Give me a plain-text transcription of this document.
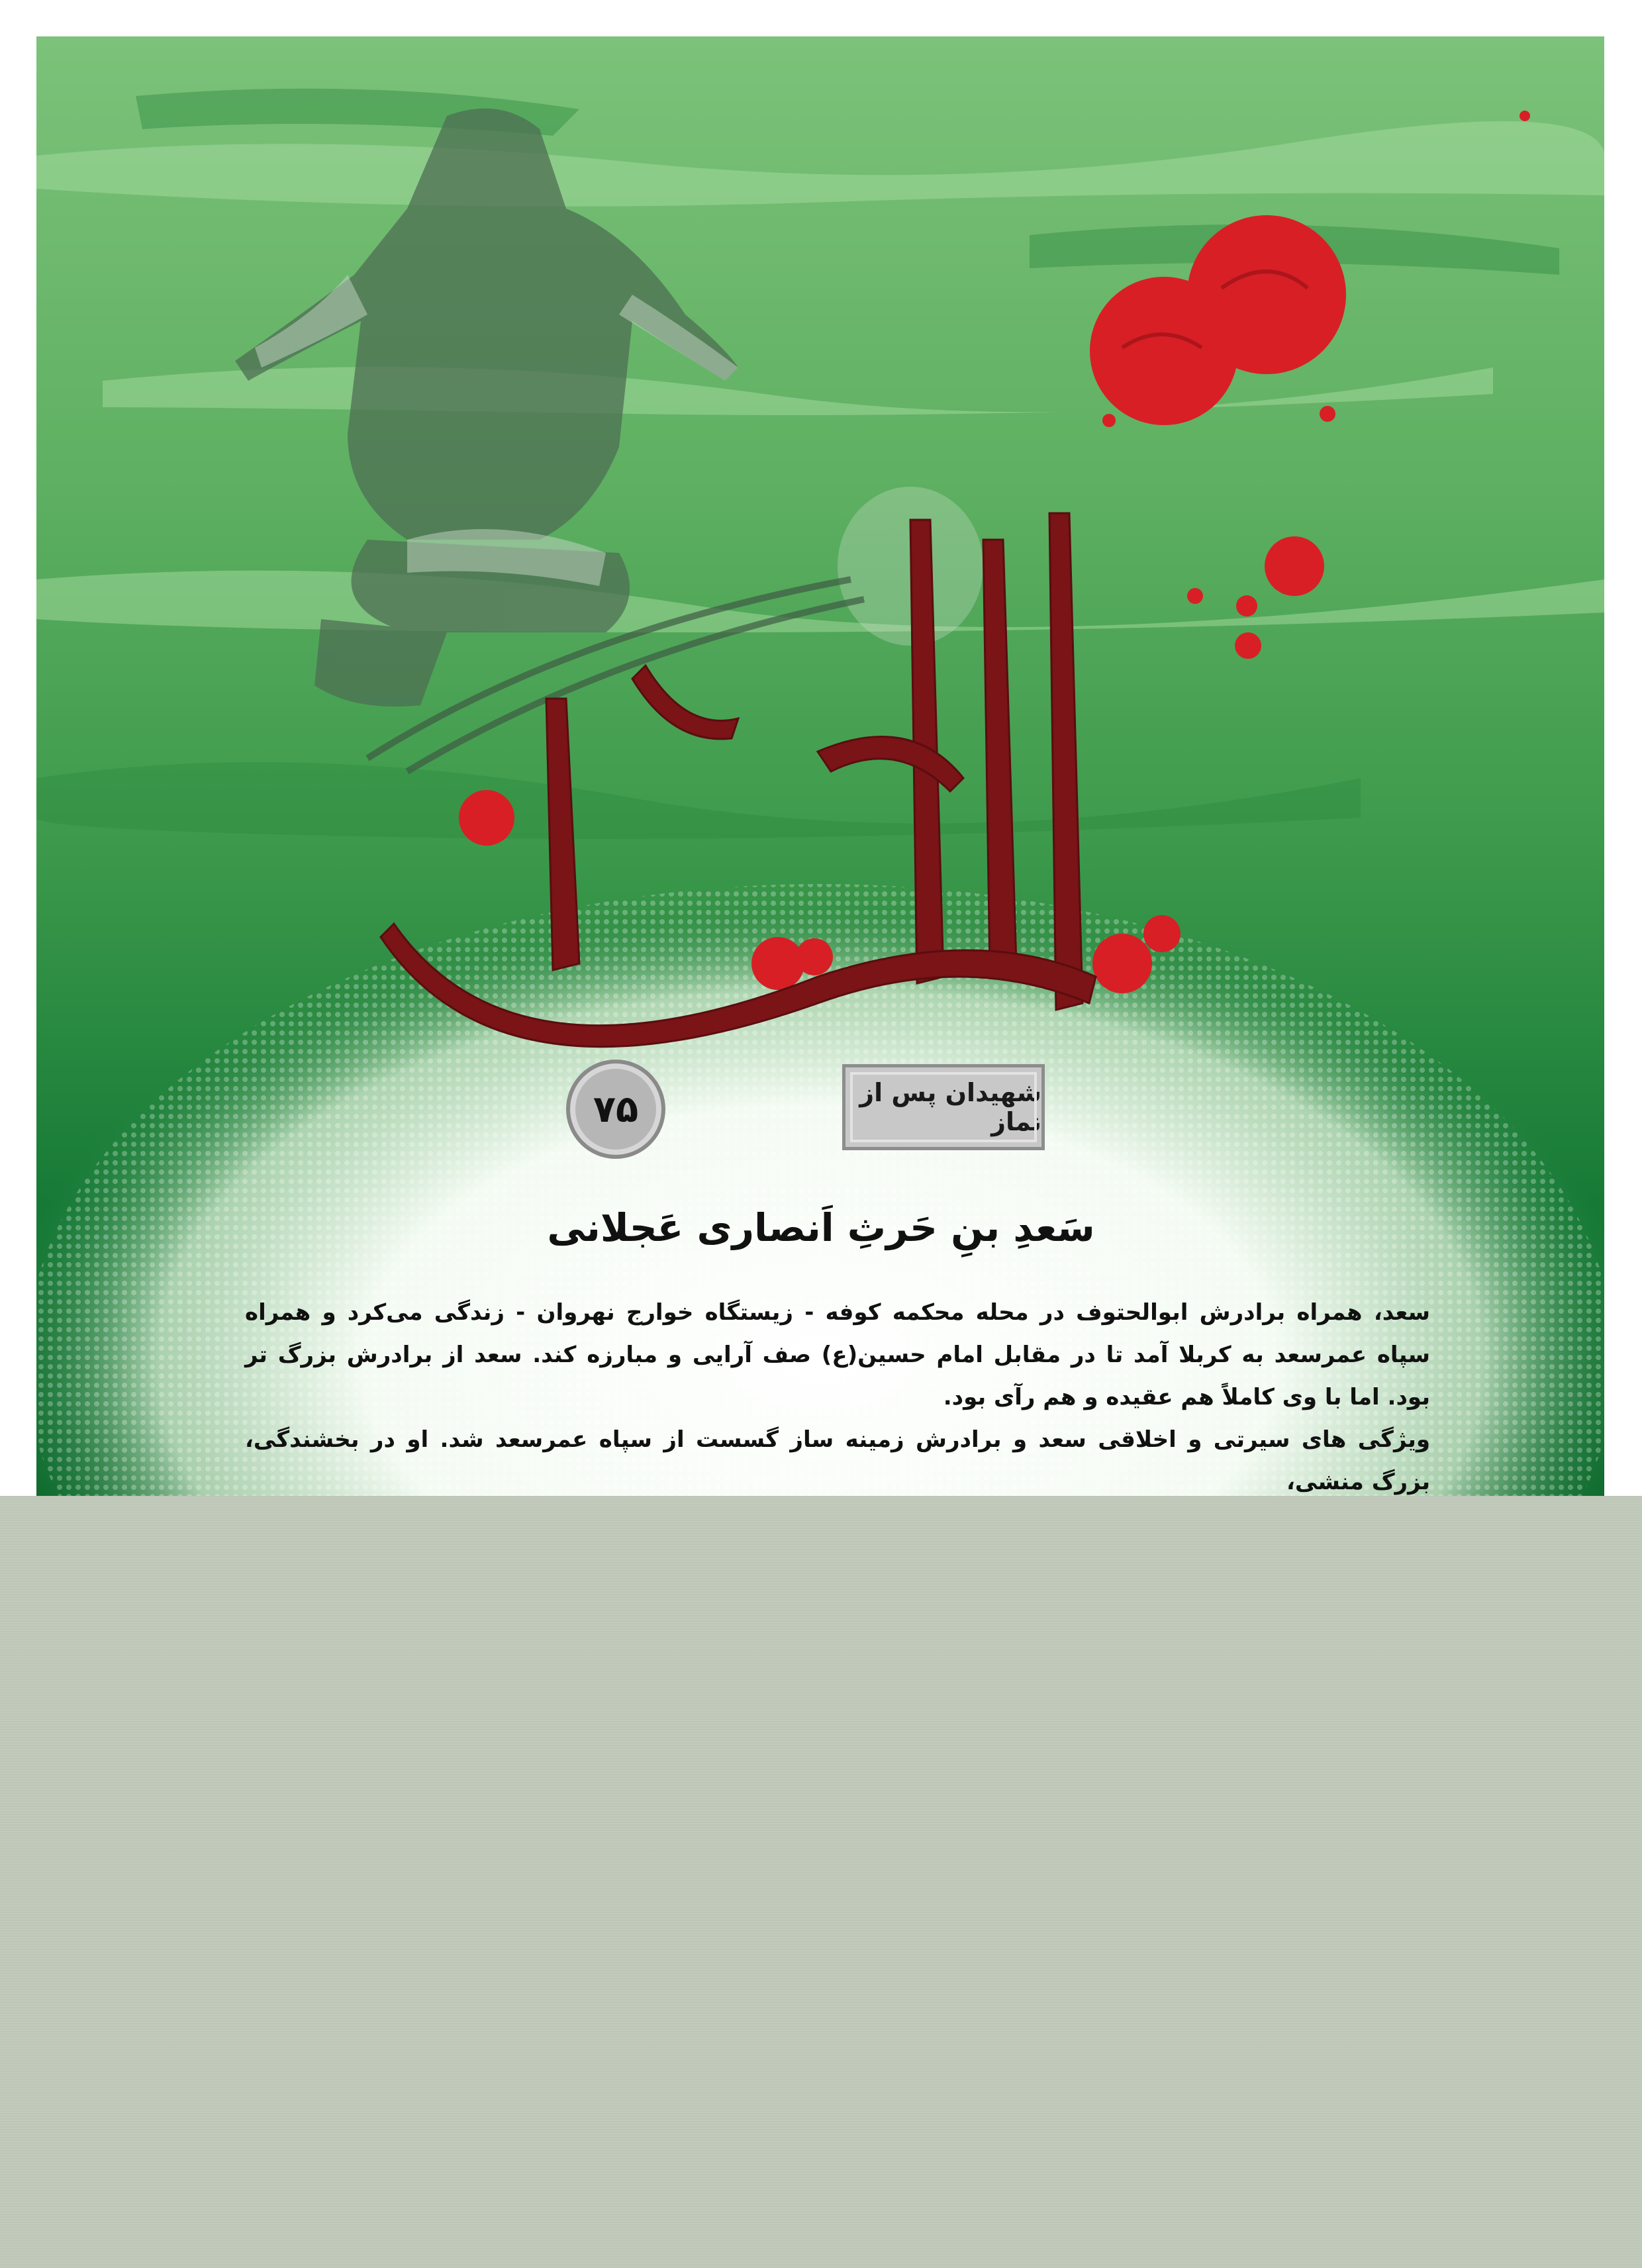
شهیدان پس از نماز
۷۵
سَعدِ بنِ حَرثِ اَنصاری عَجلانی

سعد، همراه برادرش ابوالحتوف در محله محکمه کوفه - زیستگاه خوارج نهروان - زندگی می‌کرد و همراه سپاه عمرسعد به کربلا آمد تا در مقابل امام حسین(ع) صف آرایی و مبارزه کند. سعد از برادرش بزرگ تر بود. اما با وی کاملاً هم عقیده و هم رآی بود.

ویژگی های سیرتی و اخلاقی سعد و برادرش زمینه ساز گسست از سپاه عمرسعد شد. او در بخشندگی، بزرگ منشی،
